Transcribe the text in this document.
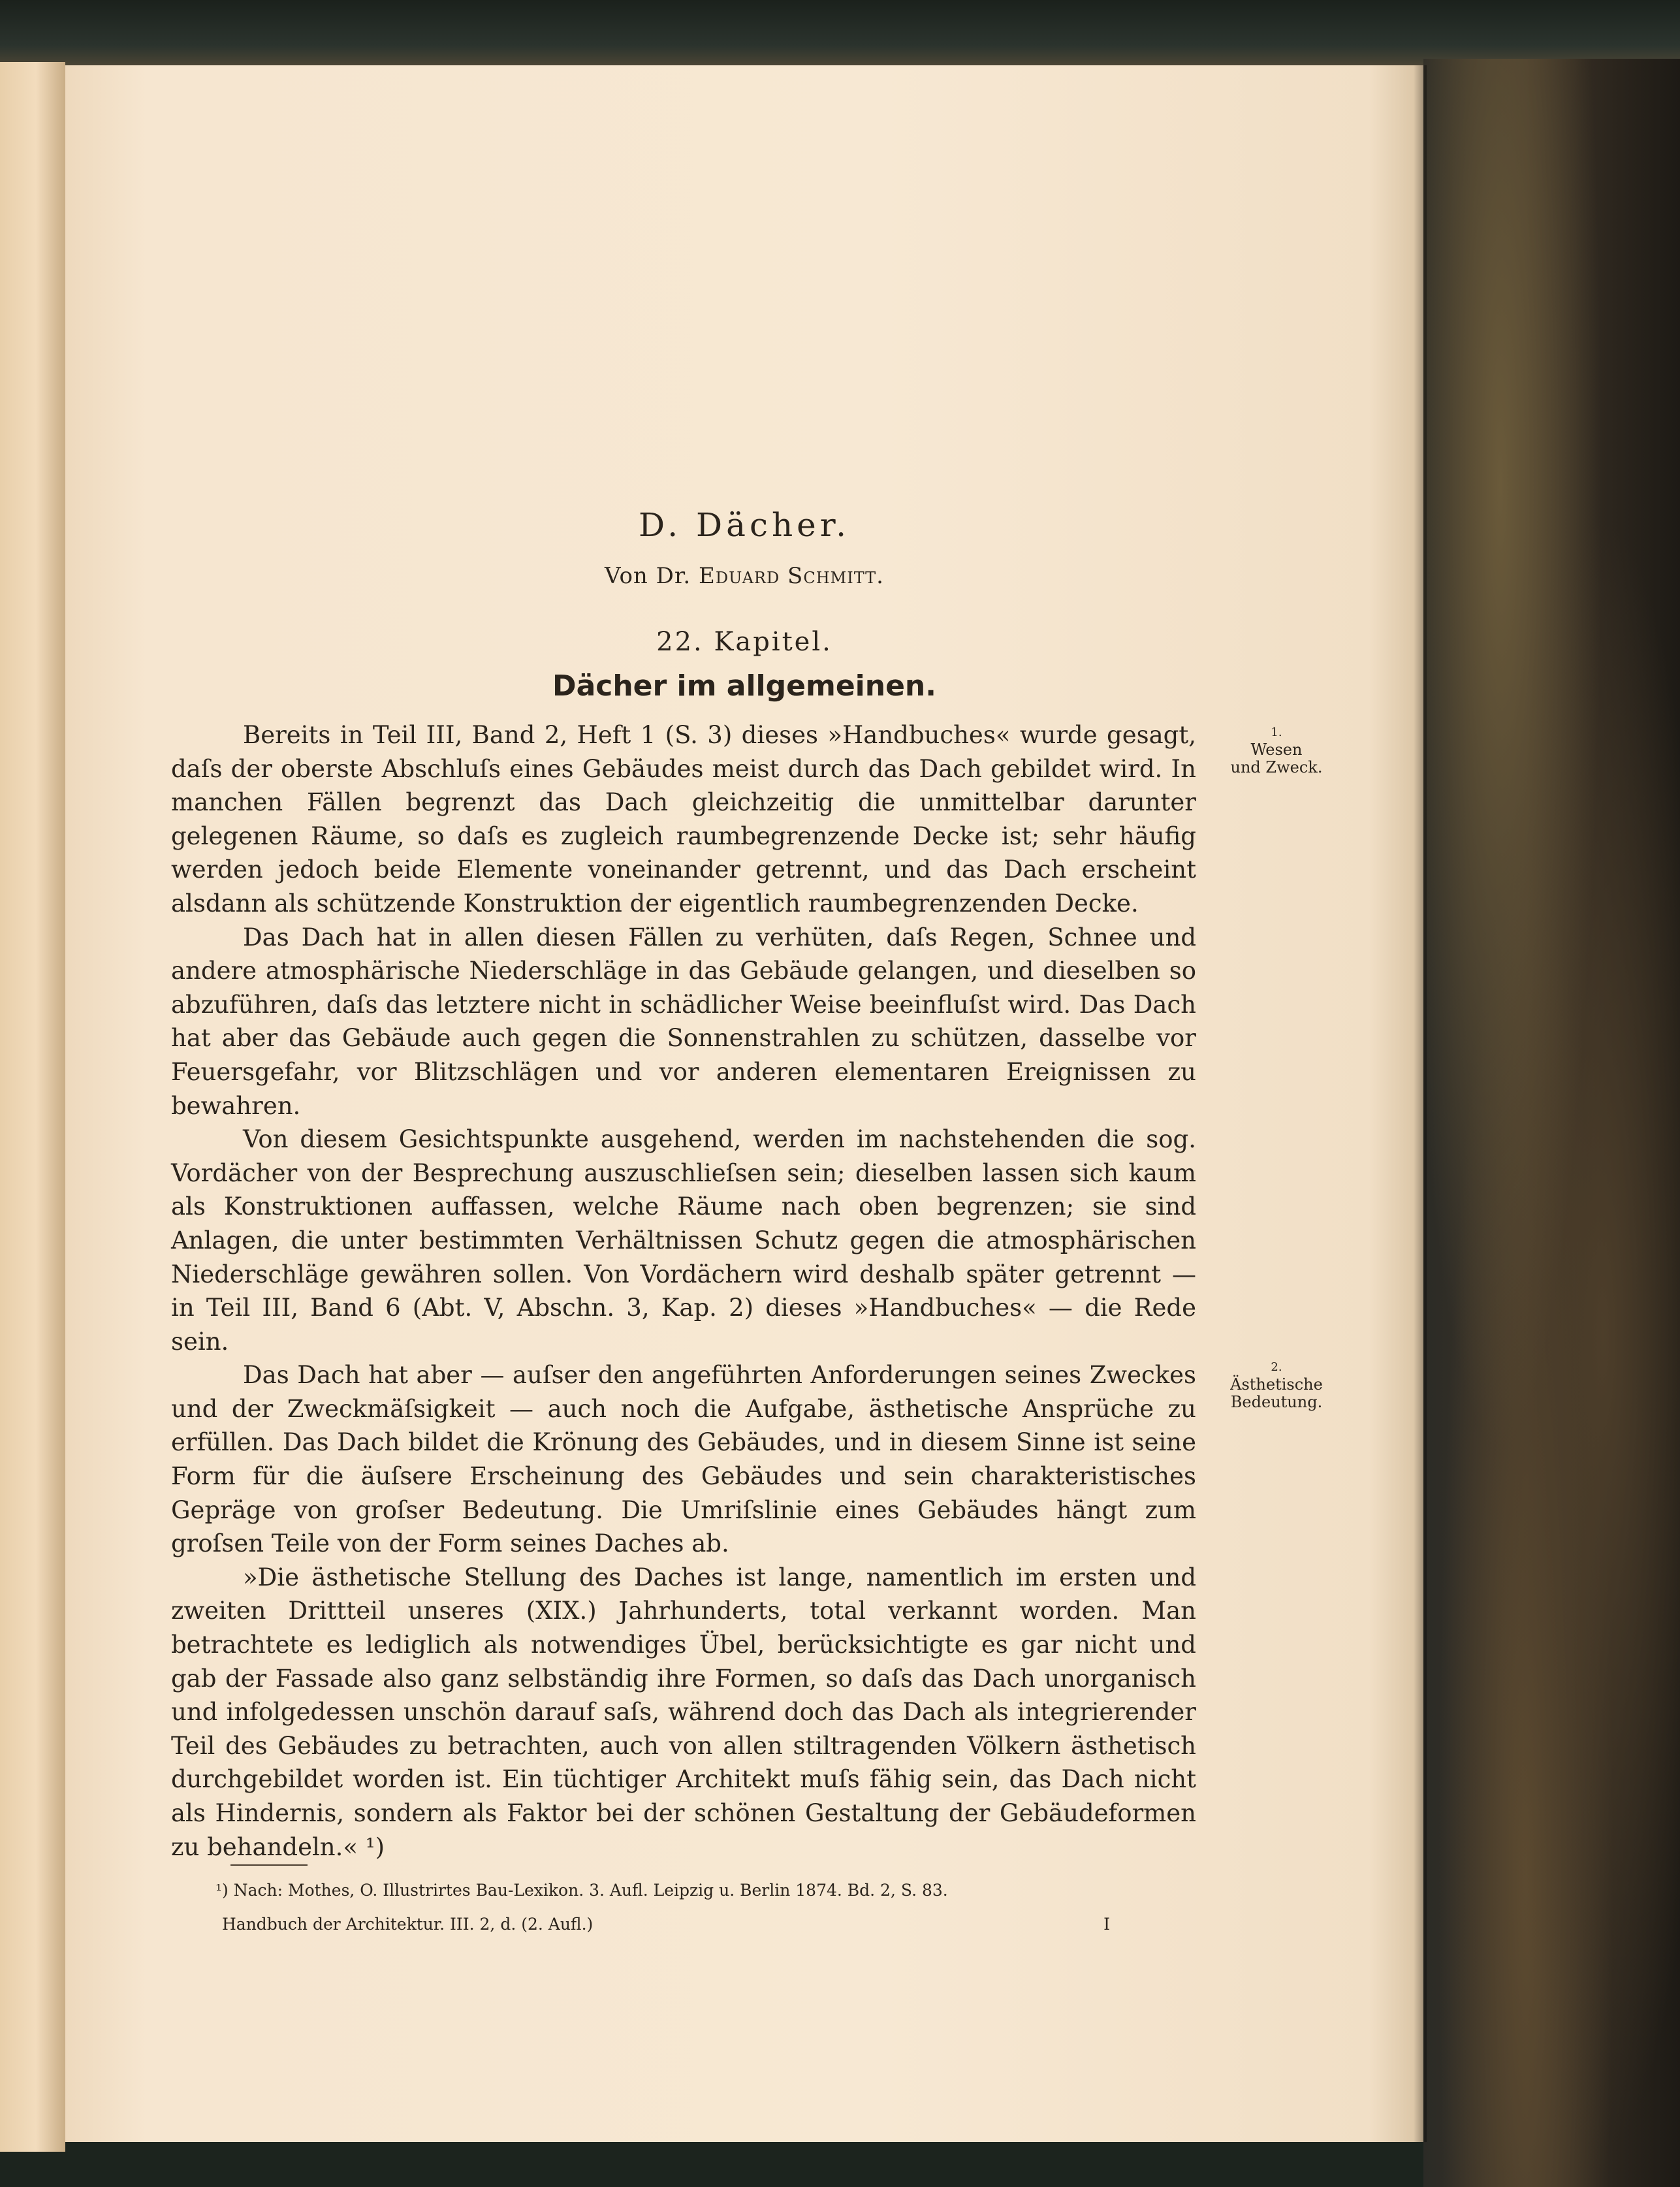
D. Dächer.
Von Dr. Eduard Schmitt.
22. Kapitel.
Dächer im allgemeinen.

Bereits in Teil III, Band 2, Heft 1 (S. 3) dieses »Handbuches« wurde gesagt, daſs der oberste Abschluſs eines Gebäudes meist durch das Dach gebildet wird. In manchen Fällen begrenzt das Dach gleichzeitig die unmittelbar darunter gelegenen Räume, so daſs es zugleich raumbegrenzende Decke ist; sehr häufig werden jedoch beide Elemente voneinander getrennt, und das Dach erscheint alsdann als schützende Konstruktion der eigentlich raumbegrenzenden Decke.

Das Dach hat in allen diesen Fällen zu verhüten, daſs Regen, Schnee und andere atmosphärische Niederschläge in das Gebäude gelangen, und dieselben so abzuführen, daſs das letztere nicht in schädlicher Weise beeinfluſst wird. Das Dach hat aber das Gebäude auch gegen die Sonnenstrahlen zu schützen, dasselbe vor Feuersgefahr, vor Blitzschlägen und vor anderen elementaren Ereignissen zu bewahren.

Von diesem Gesichtspunkte ausgehend, werden im nachstehenden die sog. Vordächer von der Besprechung auszuschlieſsen sein; dieselben lassen sich kaum als Konstruktionen auffassen, welche Räume nach oben begrenzen; sie sind Anlagen, die unter bestimmten Verhältnissen Schutz gegen die atmosphärischen Niederschläge gewähren sollen. Von Vordächern wird deshalb später getrennt — in Teil III, Band 6 (Abt. V, Abschn. 3, Kap. 2) dieses »Handbuches« — die Rede sein.

Das Dach hat aber — auſser den angeführten Anforderungen seines Zweckes und der Zweckmäſsigkeit — auch noch die Aufgabe, ästhetische Ansprüche zu erfüllen. Das Dach bildet die Krönung des Gebäudes, und in diesem Sinne ist seine Form für die äuſsere Erscheinung des Gebäudes und sein charakteristisches Gepräge von groſser Bedeutung. Die Umriſslinie eines Gebäudes hängt zum groſsen Teile von der Form seines Daches ab.

»Die ästhetische Stellung des Daches ist lange, namentlich im ersten und zweiten Drittteil unseres (XIX.) Jahrhunderts, total verkannt worden. Man betrachtete es lediglich als notwendiges Übel, berücksichtigte es gar nicht und gab der Fassade also ganz selbständig ihre Formen, so daſs das Dach unorganisch und infolgedessen unschön darauf saſs, während doch das Dach als integrierender Teil des Gebäudes zu betrachten, auch von allen stiltragenden Völkern ästhetisch durchgebildet worden ist. Ein tüchtiger Architekt muſs fähig sein, das Dach nicht als Hindernis, sondern als Faktor bei der schönen Gestaltung der Gebäudeformen zu behandeln.« ¹)

1.
Wesen
und Zweck.
2.
Ästhetische
Bedeutung.
¹) Nach: Mothes, O. Illustrirtes Bau-Lexikon. 3. Aufl. Leipzig u. Berlin 1874. Bd. 2, S. 83.
Handbuch der Architektur. III. 2, d. (2. Aufl.)	I
